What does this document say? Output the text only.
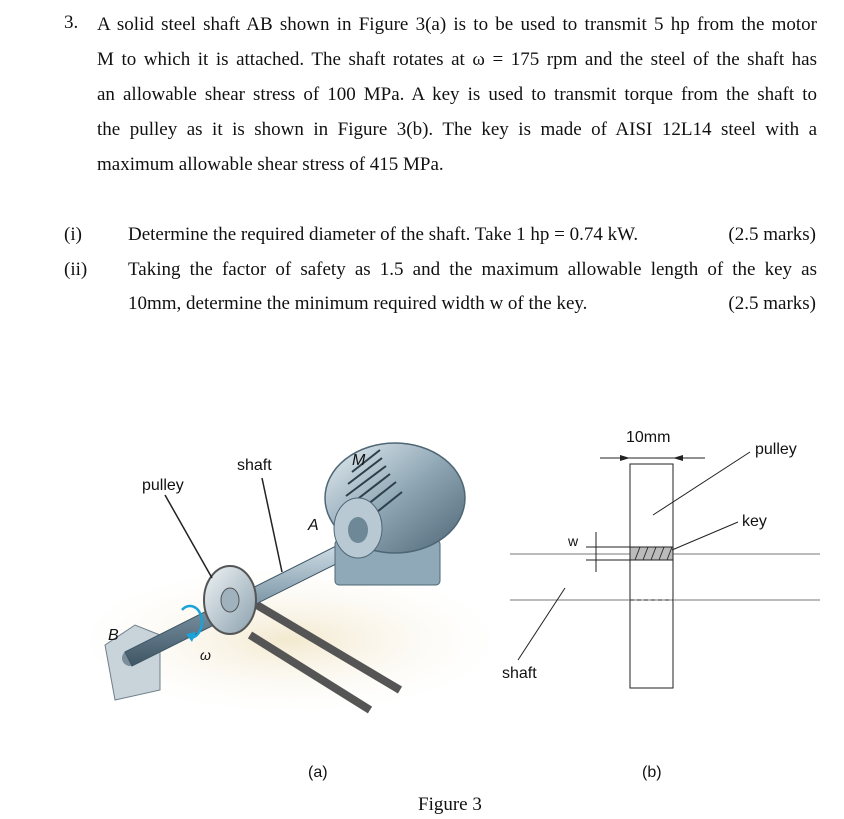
3. A solid steel shaft AB shown in Figure 3(a) is to be used to transmit 5 hp from the motor
M to which it is attached. The shaft rotates at ω = 175 rpm and the steel of the shaft has
an allowable shear stress of 100 MPa. A key is used to transmit torque from the shaft to
the pulley as it is shown in Figure 3(b). The key is made of AISI 12L14 steel with a
maximum allowable shear stress of 415 MPa.
(i) Determine the required diameter of the shaft. Take 1 hp = 0.74 kW.	(2.5 marks)
(ii) Taking the factor of safety as 1.5 and the maximum allowable length of the key as
10mm, determine the minimum required width w of the key.	(2.5 marks)
pulley
shaft	M
A
B
ω
10mm
w
pulley
key
shaft
(a)	(b)
Figure 3
